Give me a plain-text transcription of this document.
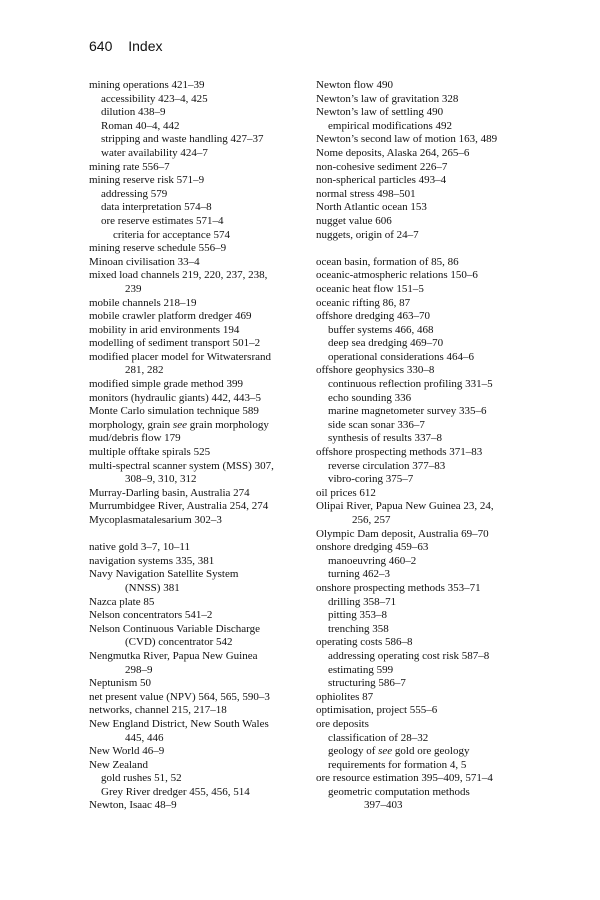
640 Index
mining operations 421–39
accessibility 423–4, 425
dilution 438–9
Roman 40–4, 442
stripping and waste handling 427–37
water availability 424–7
mining rate 556–7
mining reserve risk 571–9
addressing 579
data interpretation 574–8
ore reserve estimates 571–4
criteria for acceptance 574
mining reserve schedule 556–9
Minoan civilisation 33–4
mixed load channels 219, 220, 237, 238,
239
mobile channels 218–19
mobile crawler platform dredger 469
mobility in arid environments 194
modelling of sediment transport 501–2
modified placer model for Witwatersrand
281, 282
modified simple grade method 399
monitors (hydraulic giants) 442, 443–5
Monte Carlo simulation technique 589
morphology, grain see grain morphology
mud/debris flow 179
multiple offtake spirals 525
multi-spectral scanner system (MSS) 307,
308–9, 310, 312
Murray-Darling basin, Australia 274
Murrumbidgee River, Australia 254, 274
Mycoplasmatalesarium 302–3
native gold 3–7, 10–11
navigation systems 335, 381
Navy Navigation Satellite System
(NNSS) 381
Nazca plate 85
Nelson concentrators 541–2
Nelson Continuous Variable Discharge
(CVD) concentrator 542
Nengmutka River, Papua New Guinea
298–9
Neptunism 50
net present value (NPV) 564, 565, 590–3
networks, channel 215, 217–18
New England District, New South Wales
445, 446
New World 46–9
New Zealand
gold rushes 51, 52
Grey River dredger 455, 456, 514
Newton, Isaac 48–9
Newton flow 490
Newton’s law of gravitation 328
Newton’s law of settling 490
empirical modifications 492
Newton’s second law of motion 163, 489
Nome deposits, Alaska 264, 265–6
non-cohesive sediment 226–7
non-spherical particles 493–4
normal stress 498–501
North Atlantic ocean 153
nugget value 606
nuggets, origin of 24–7
ocean basin, formation of 85, 86
oceanic-atmospheric relations 150–6
oceanic heat flow 151–5
oceanic rifting 86, 87
offshore dredging 463–70
buffer systems 466, 468
deep sea dredging 469–70
operational considerations 464–6
offshore geophysics 330–8
continuous reflection profiling 331–5
echo sounding 336
marine magnetometer survey 335–6
side scan sonar 336–7
synthesis of results 337–8
offshore prospecting methods 371–83
reverse circulation 377–83
vibro-coring 375–7
oil prices 612
Olipai River, Papua New Guinea 23, 24,
256, 257
Olympic Dam deposit, Australia 69–70
onshore dredging 459–63
manoeuvring 460–2
turning 462–3
onshore prospecting methods 353–71
drilling 358–71
pitting 353–8
trenching 358
operating costs 586–8
addressing operating cost risk 587–8
estimating 599
structuring 586–7
ophiolites 87
optimisation, project 555–6
ore deposits
classification of 28–32
geology of see gold ore geology
requirements for formation 4, 5
ore resource estimation 395–409, 571–4
geometric computation methods
397–403
